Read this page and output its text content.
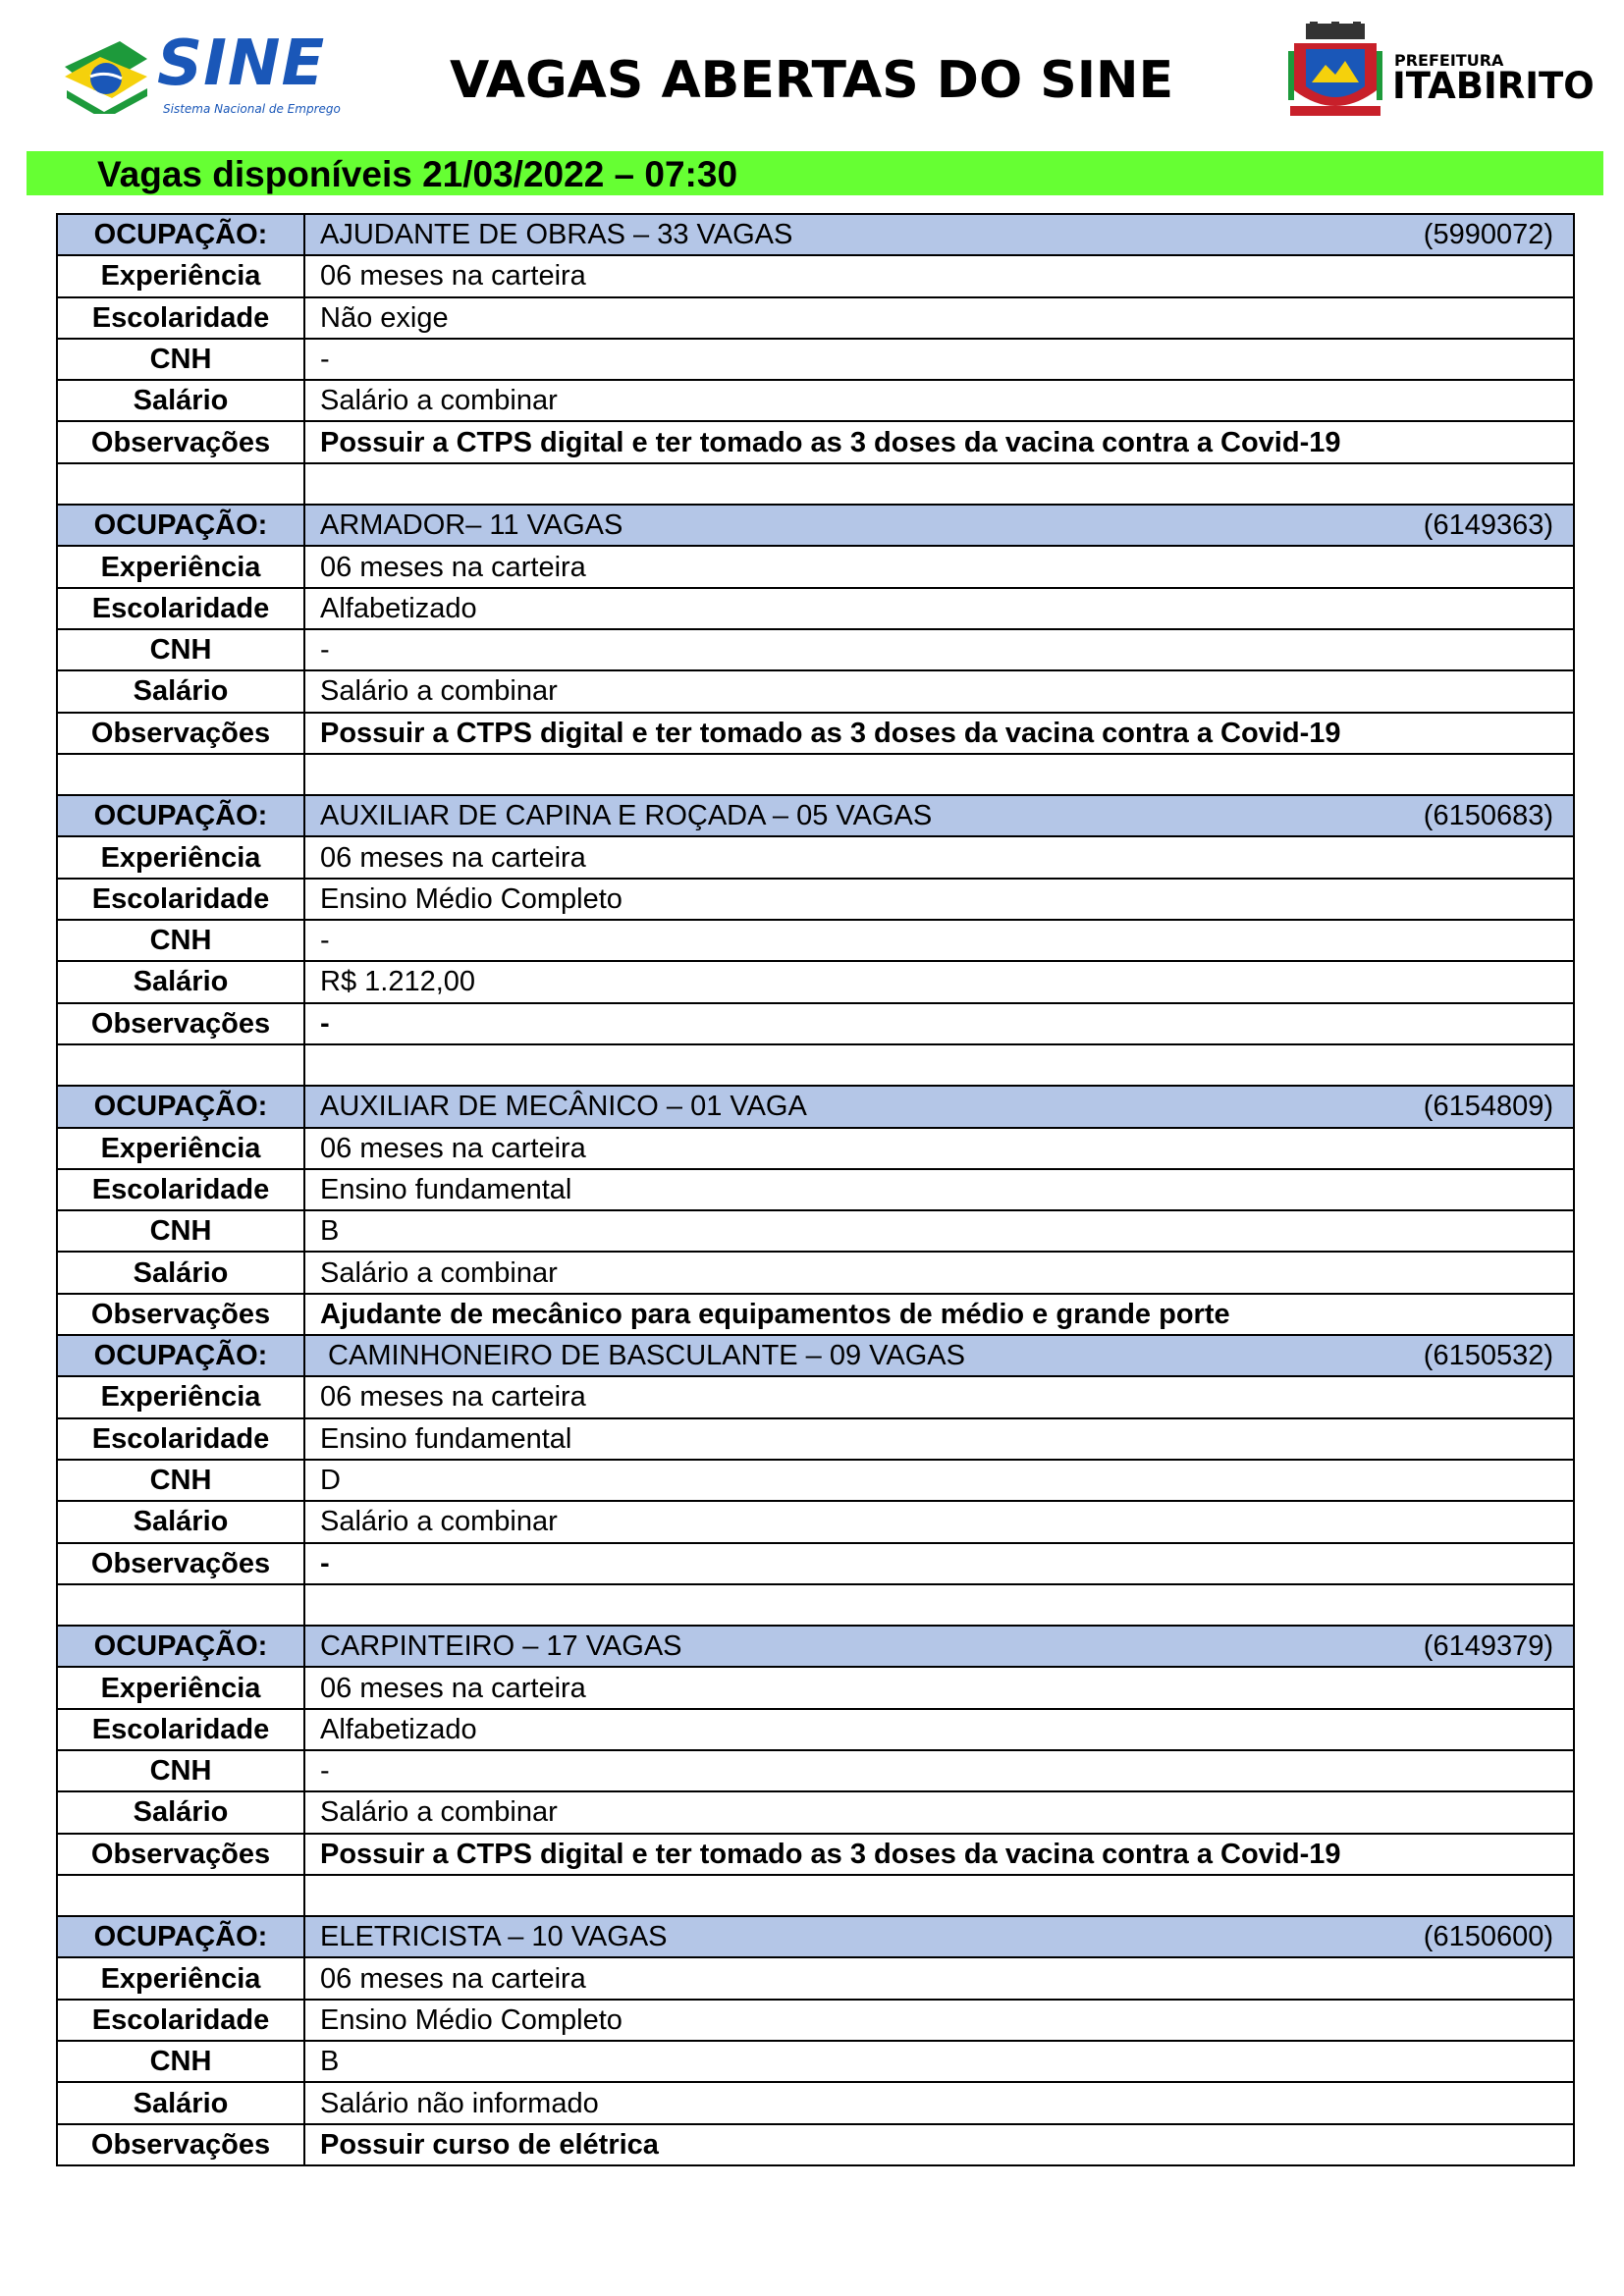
SINE
Sistema Nacional de Emprego VAGAS ABERTAS DO SINE	PREFEITURA
ITABIRITO
Vagas disponíveis 21/03/2022 – 07:30
OCUPAÇÃO:	AJUDANTE DE OBRAS – 33 VAGAS (5990072)

Experiência	06 meses na carteira
Escolaridade	Não exige
CNH	-
Salário	Salário a combinar
Observações	Possuir a CTPS digital e ter tomado as 3 doses da vacina contra a Covid-19

OCUPAÇÃO:	ARMADOR– 11 VAGAS (6149363)

Experiência	06 meses na carteira
Escolaridade	Alfabetizado
CNH	-
Salário	Salário a combinar
Observações	Possuir a CTPS digital e ter tomado as 3 doses da vacina contra a Covid-19

OCUPAÇÃO:	AUXILIAR DE CAPINA E ROÇADA – 05 VAGAS (6150683)

Experiência	06 meses na carteira
Escolaridade	Ensino Médio Completo
CNH	-
Salário	R$ 1.212,00
Observações	-

OCUPAÇÃO:	AUXILIAR DE MECÂNICO – 01 VAGA (6154809)

Experiência	06 meses na carteira
Escolaridade	Ensino fundamental
CNH	B
Salário	Salário a combinar
Observações	Ajudante de mecânico para equipamentos de médio e grande porte
OCUPAÇÃO:	CAMINHONEIRO DE BASCULANTE – 09 VAGAS (6150532)

Experiência	06 meses na carteira
Escolaridade	Ensino fundamental
CNH	D
Salário	Salário a combinar
Observações	-

OCUPAÇÃO:	CARPINTEIRO – 17 VAGAS (6149379)

Experiência	06 meses na carteira
Escolaridade	Alfabetizado
CNH	-
Salário	Salário a combinar
Observações	Possuir a CTPS digital e ter tomado as 3 doses da vacina contra a Covid-19

OCUPAÇÃO:	ELETRICISTA – 10 VAGAS (6150600)

Experiência	06 meses na carteira
Escolaridade	Ensino Médio Completo
CNH	B
Salário	Salário não informado
Observações	Possuir curso de elétrica
